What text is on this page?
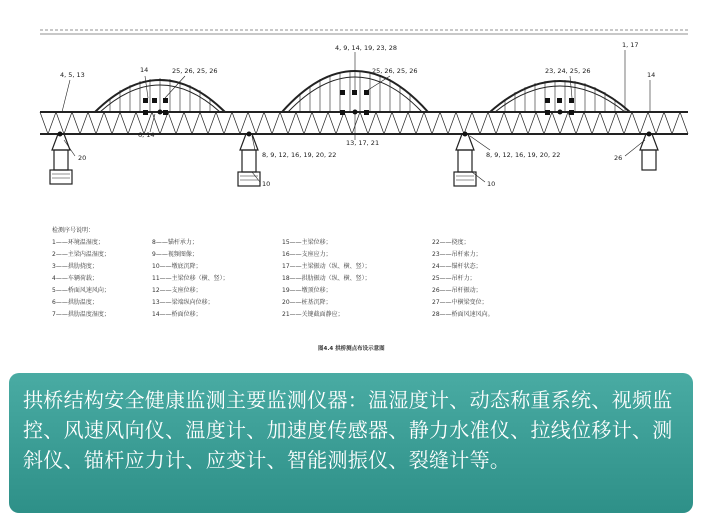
4, 5, 13
14	25, 26, 25, 26
6, 14
4, 9, 14, 19, 23, 28
25, 26, 25, 26
1, 17
23, 24, 25, 26	14
13, 17, 21
8, 9, 12, 16, 19, 20, 22	8, 9, 12, 16, 19, 20, 22
10	10
20	26
检测序号说明：
1——环境温湿度；	8——锚杆承力；	15——主梁位移；	22——挠度；
2——主梁内温湿度；	9——视频图像；	16——支座应力；	23——吊杆索力；
3——拱肋挠度；	10——墩底沉降；	17——主梁振动（纵、横、竖）；	24——锚杆状态；
4——车辆荷载；	11——主梁位移（横、竖）；	18——拱肋振动（纵、横、竖）；	25——吊杆力；
5——桥面风速风向；	12——支座位移；	19——墩顶位移；	26——吊杆振动；
6——拱肋温度；	13——梁端纵向位移；	20——桩基沉降；	27——中横梁变位；
7——拱肋温度湿度；	14——桥面位移；	21——关键截面静应；	28——桥面风速风向。
图4.4 拱桥测点布设示意图
拱桥结构安全健康监测主要监测仪器：温湿度计、动态称重系统、视频监控、风速风向仪、温度计、加速度传感器、静力水准仪、拉线位移计、测斜仪、锚杆应力计、应变计、智能测振仪、裂缝计等。
